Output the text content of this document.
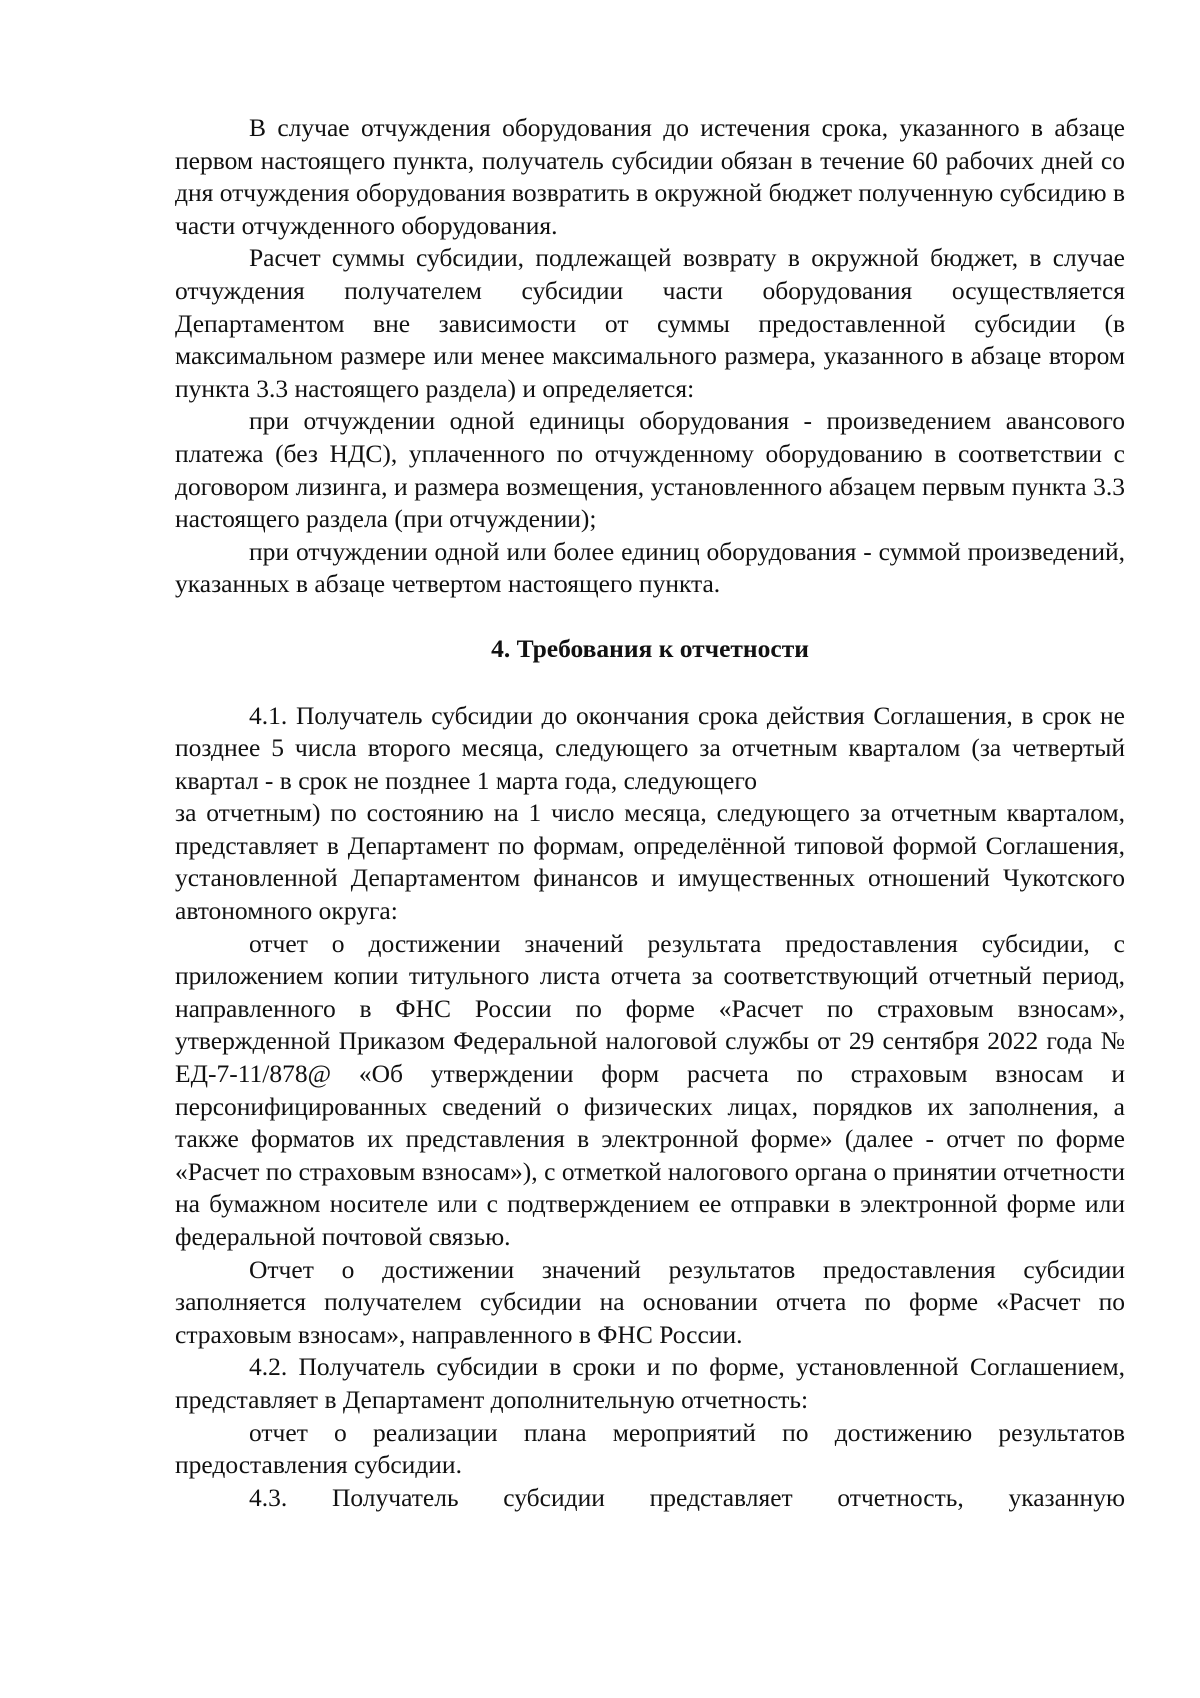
В случае отчуждения оборудования до истечения срока, указанного в абзаце первом настоящего пункта, получатель субсидии обязан в течение 60 рабочих дней со дня отчуждения оборудования возвратить в окружной бюджет полученную субсидию в части отчужденного оборудования.

Расчет суммы субсидии, подлежащей возврату в окружной бюджет, в случае отчуждения получателем субсидии части оборудования осуществляется Департаментом вне зависимости от суммы предоставленной субсидии (в максимальном размере или менее максимального размера, указанного в абзаце втором пункта 3.3 настоящего раздела) и определяется:

при отчуждении одной единицы оборудования - произведением авансового платежа (без НДС), уплаченного по отчужденному оборудованию в соответствии с договором лизинга, и размера возмещения, установленного абзацем первым пункта 3.3 настоящего раздела (при отчуждении);

при отчуждении одной или более единиц оборудования - суммой произведений, указанных в абзаце четвертом настоящего пункта.

4. Требования к отчетности

4.1. Получатель субсидии до окончания срока действия Соглашения, в срок не позднее 5 числа второго месяца, следующего за отчетным кварталом (за четвертый квартал - в срок не позднее 1 марта года, следующего

за отчетным) по состоянию на 1 число месяца, следующего за отчетным кварталом, представляет в Департамент по формам, определённой типовой формой Соглашения, установленной Департаментом финансов и имущественных отношений Чукотского автономного округа:

отчет о достижении значений результата предоставления субсидии, с приложением копии титульного листа отчета за соответствующий отчетный период, направленного в ФНС России по форме «Расчет по страховым взносам», утвержденной Приказом Федеральной налоговой службы от 29 сентября 2022 года № ЕД-7-11/878@ «Об утверждении форм расчета по страховым взносам и персонифицированных сведений о физических лицах, порядков их заполнения, а также форматов их представления в электронной форме» (далее - отчет по форме «Расчет по страховым взносам»), с отметкой налогового органа о принятии отчетности на бумажном носителе или с подтверждением ее отправки в электронной форме или федеральной почтовой связью.

Отчет о достижении значений результатов предоставления субсидии заполняется получателем субсидии на основании отчета по форме «Расчет по страховым взносам», направленного в ФНС России.

4.2. Получатель субсидии в сроки и по форме, установленной Соглашением, представляет в Департамент дополнительную отчетность:

отчет о реализации плана мероприятий по достижению результатов предоставления субсидии.

4.3. Получатель субсидии представляет отчетность, указанную
